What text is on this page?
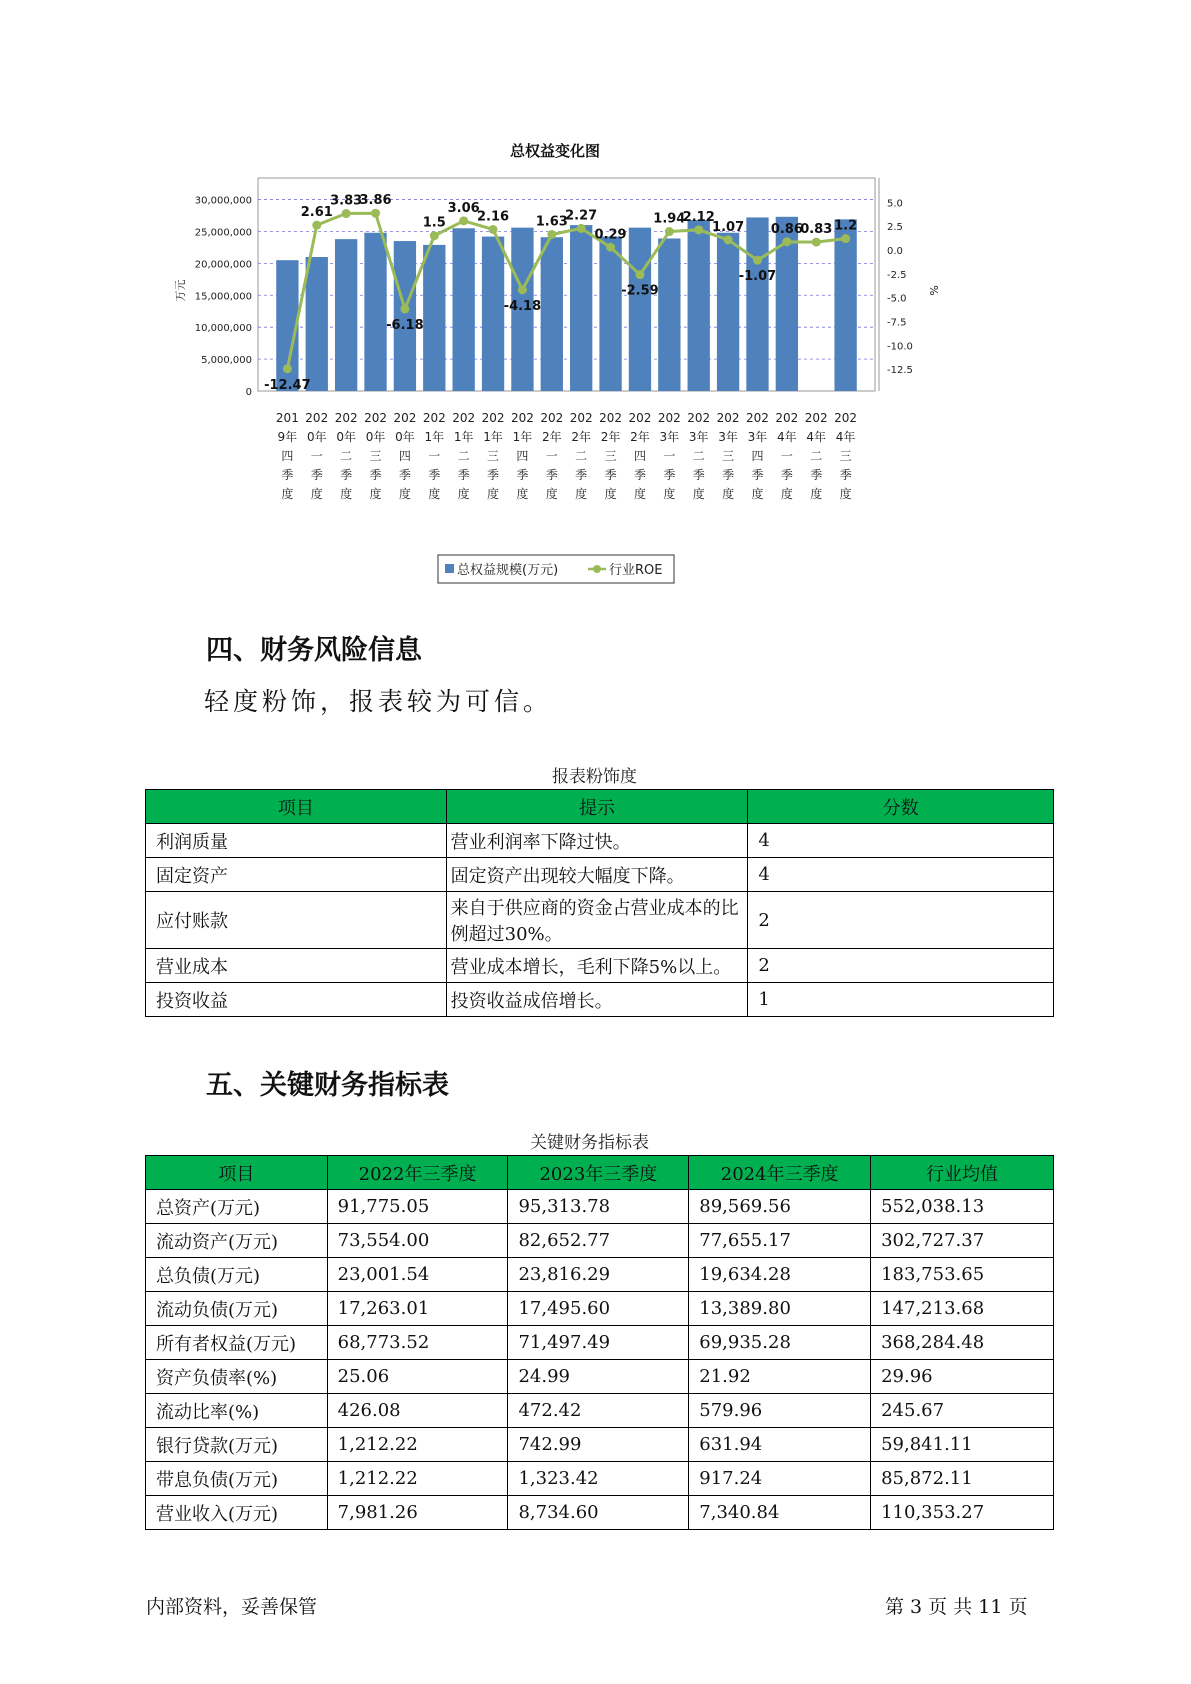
总权益变化图
0
5,000,000
10,000,000
15,000,000
20,000,000
25,000,000
30,000,000	5.0
2.5
0.0
-2.5
-5.0
-7.5
-10.0
-12.5
万元	%
-12.47
2.61
3.83
3.86
-6.18
1.5
3.06
2.16
-4.18
1.63
2.27
0.29
-2.59
1.94
2.12
1.07
-1.07
0.86
0.83 1.2
201
9年
四
季
度
202
0年
一
季
度
202
0年
二
季
度
202
0年
三
季
度
202
0年
四
季
度
202
1年
一
季
度
202
1年
二
季
度
202
1年
三
季
度
202
1年
四
季
度
202
2年
一
季
度
202
2年
二
季
度
202
2年
三
季
度
202
2年
四
季
度
202
3年
一
季
度
202
3年
二
季
度
202
3年
三
季
度
202
3年
四
季
度
202
4年
一
季
度
202
4年
二
季
度
202
4年
三
季
度
总权益规模(万元)	行业ROE
四、财务风险信息
轻度粉饰，报表较为可信。
报表粉饰度
项目	提示	分数
利润质量	营业利润率下降过快。	4
固定资产	固定资产出现较大幅度下降。	4
应付账款	来自于供应商的资金占营业成本的比例超过30%。	2
营业成本	营业成本增长，毛利下降5%以上。	2
投资收益	投资收益成倍增长。	1
五、关键财务指标表
关键财务指标表
项目	2022年三季度	2023年三季度	2024年三季度	行业均值
总资产(万元)	91,775.05	95,313.78	89,569.56	552,038.13
流动资产(万元)	73,554.00	82,652.77	77,655.17	302,727.37
总负债(万元)	23,001.54	23,816.29	19,634.28	183,753.65
流动负债(万元)	17,263.01	17,495.60	13,389.80	147,213.68
所有者权益(万元)	68,773.52	71,497.49	69,935.28	368,284.48
资产负债率(%)	25.06	24.99	21.92	29.96
流动比率(%)	426.08	472.42	579.96	245.67
银行贷款(万元)	1,212.22	742.99	631.94	59,841.11
带息负债(万元)	1,212.22	1,323.42	917.24	85,872.11
营业收入(万元)	7,981.26	8,734.60	7,340.84	110,353.27
内部资料，妥善保管	第 3 页 共 11 页
